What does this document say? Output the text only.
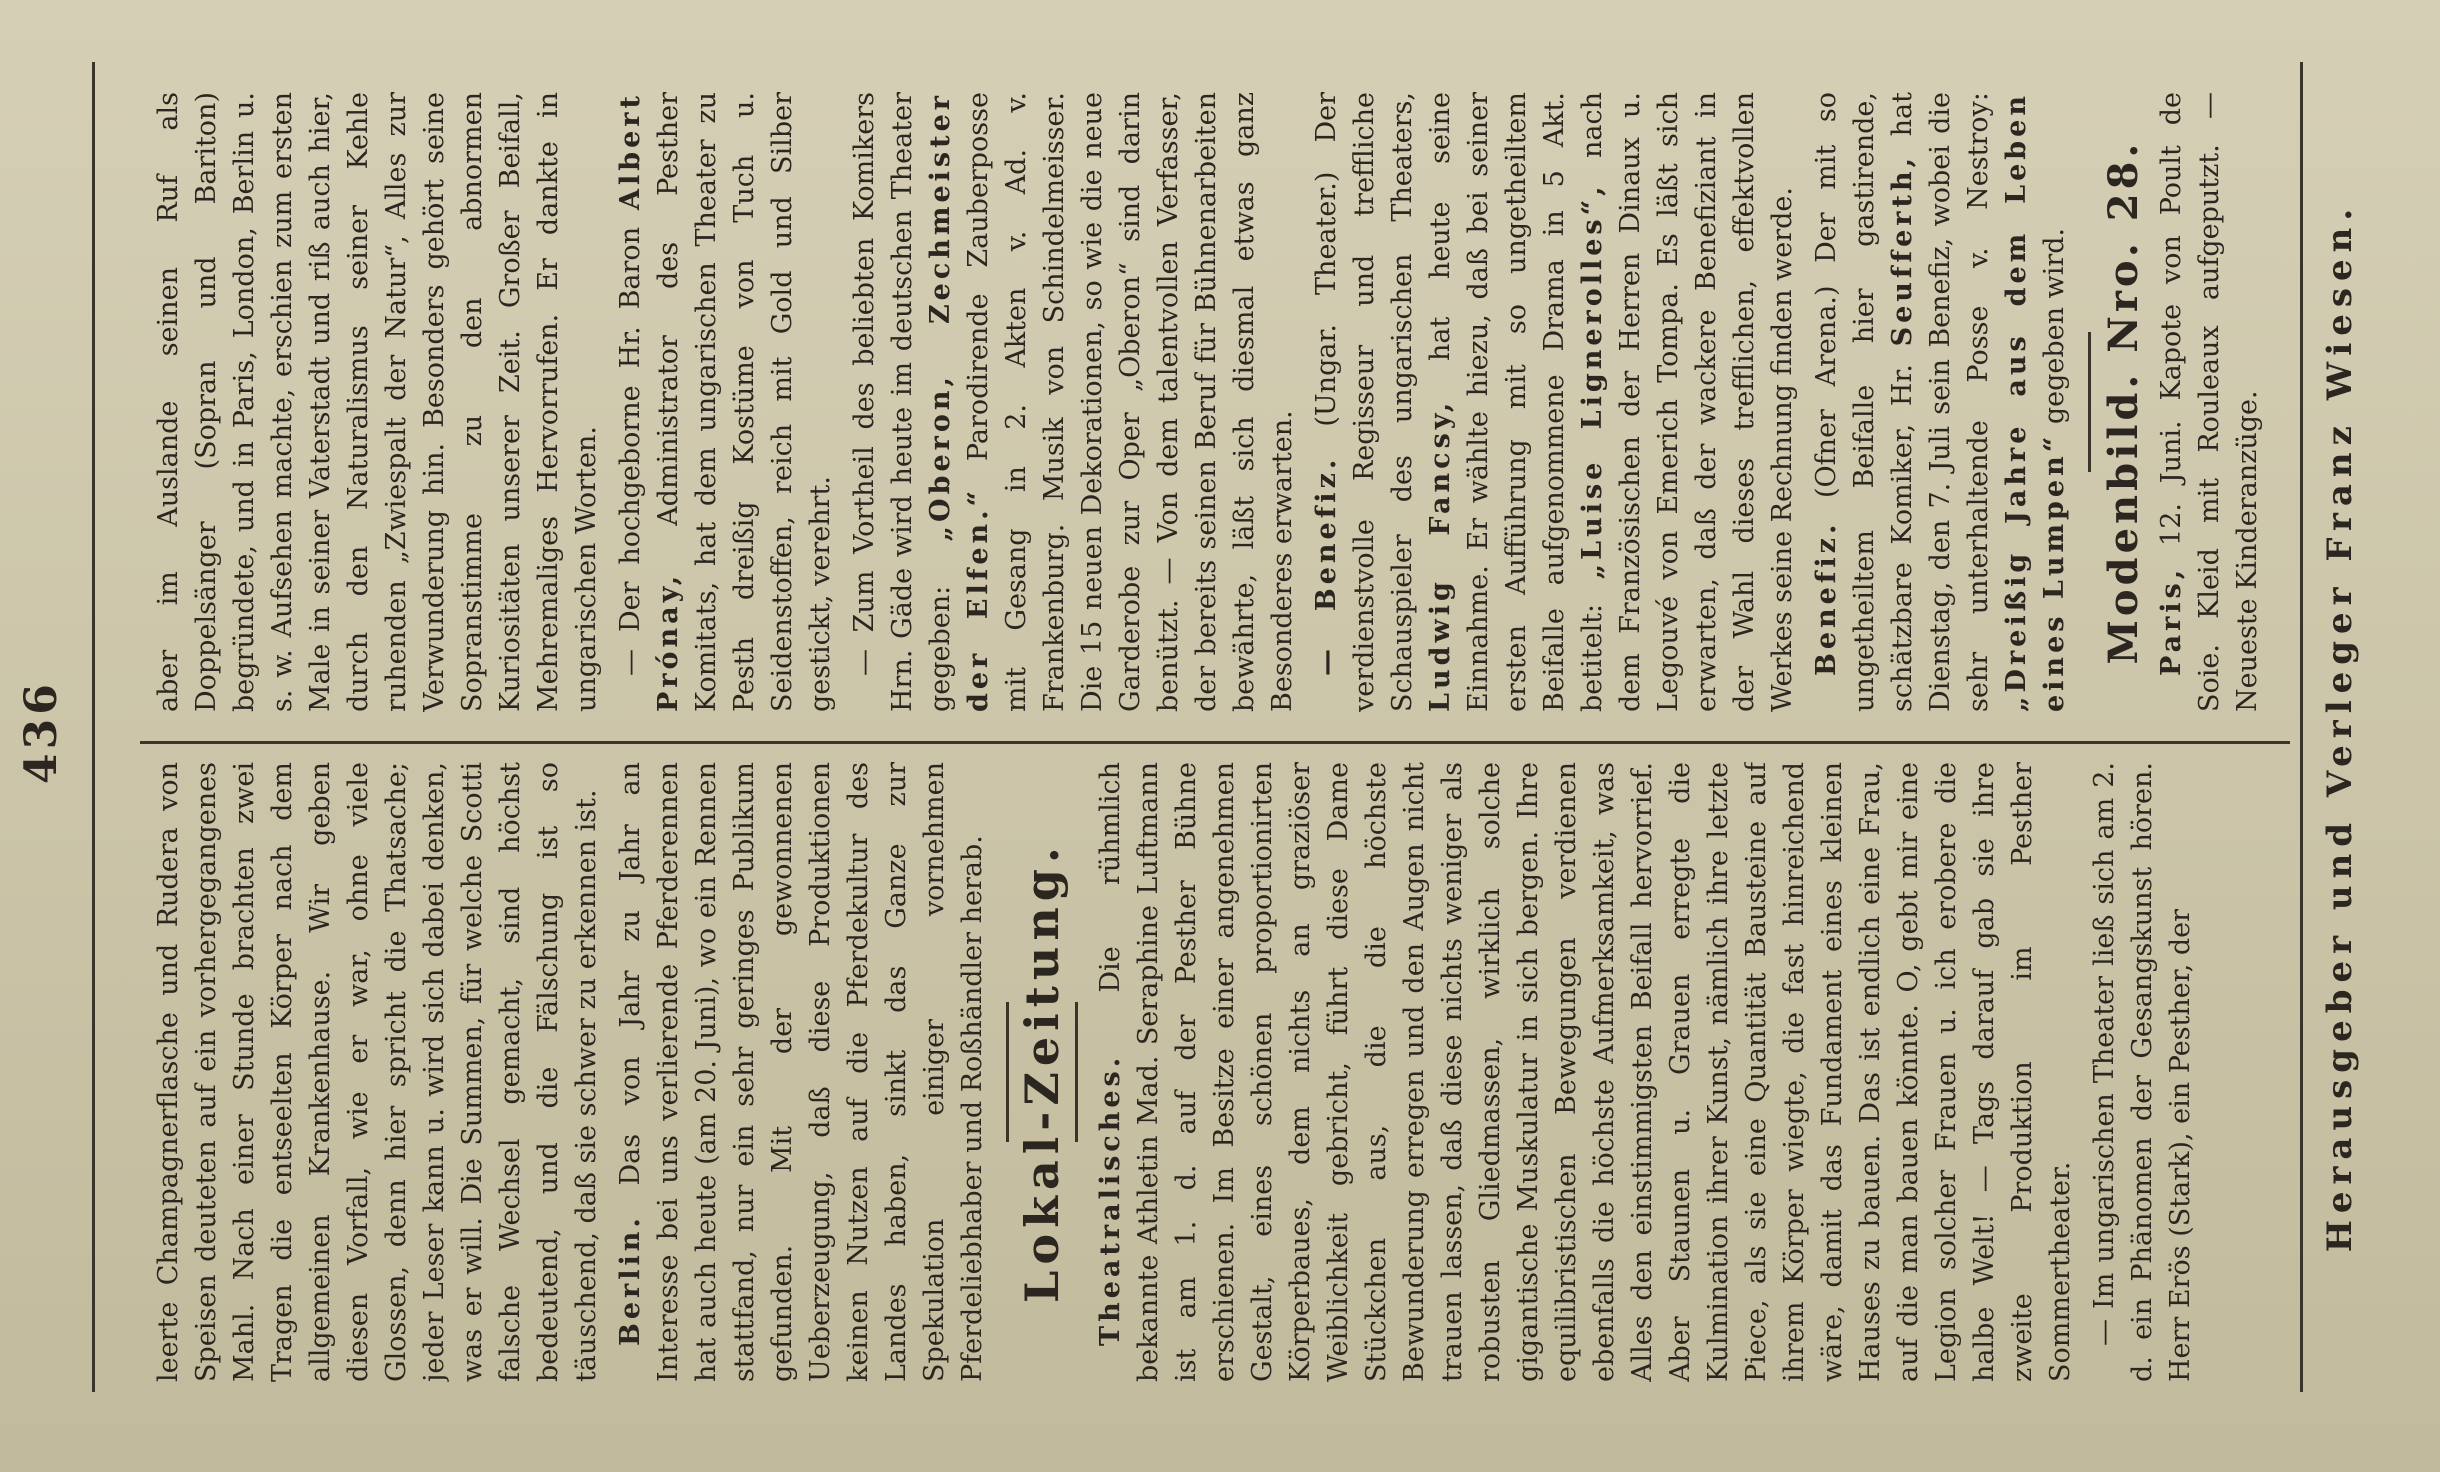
436

leerte Champagnerflasche und Rudera von Speisen deuteten auf ein vorhergegangenes Mahl. Nach einer Stunde brachten zwei Tragen die entseelten Körper nach dem allgemeinen Krankenhause. Wir geben diesen Vorfall, wie er war, ohne viele Glossen, denn hier spricht die Thatsache; jeder Leser kann u. wird sich dabei denken, was er will. Die Summen, für welche Scotti falsche Wechsel gemacht, sind höchst bedeutend, und die Fälschung ist so täuschend, daß sie schwer zu erkennen ist. Berlin. Das von Jahr zu Jahr an Interesse bei uns verlierende Pferderennen hat auch heute (am 20. Juni), wo ein Rennen stattfand, nur ein sehr geringes Publikum gefunden. Mit der gewonnenen Ueberzeugung, daß diese Produktionen keinen Nutzen auf die Pferdekultur des Landes haben, sinkt das Ganze zur Spekulation einiger vornehmen Pferdeliebhaber und Roßhändler herab. Lokal-Zeitung. Theatralisches. Die rühmlich bekannte Athletin Mad. Seraphine Luftmann ist am 1. d. auf der Pesther Bühne erschienen. Im Besitze einer angenehmen Gestalt, eines schönen proportionirten Körperbaues, dem nichts an graziöser Weiblichkeit gebricht, führt diese Dame Stückchen aus, die die höchste Bewunderung erregen und den Augen nicht trauen lassen, daß diese nichts weniger als robusten Gliedmassen, wirklich solche gigantische Muskulatur in sich bergen. Ihre equilibristischen Bewegungen verdienen ebenfalls die höchste Aufmerksamkeit, was Alles den einstimmigsten Beifall hervorrief. Aber Staunen u. Grauen erregte die Kulmination ihrer Kunst, nämlich ihre letzte Piece, als sie eine Quantität Bausteine auf ihrem Körper wiegte, die fast hinreichend wäre, damit das Fundament eines kleinen Hauses zu bauen. Das ist endlich eine Frau, auf die man bauen könnte. O, gebt mir eine Legion solcher Frauen u. ich erobere die halbe Welt! — Tags darauf gab sie ihre zweite Produktion im Pesther Sommertheater. — Im ungarischen Theater ließ sich am 2. d. ein Phänomen der Gesangskunst hören. Herr Erös (Stark), ein Pesther, der

aber im Auslande seinen Ruf als Doppelsänger (Sopran und Bariton) begründete, und in Paris, London, Berlin u. s. w. Aufsehen machte, erschien zum ersten Male in seiner Vaterstadt und riß auch hier, durch den Naturalismus seiner Kehle ruhenden „Zwiespalt der Natur“, Alles zur Verwunderung hin. Besonders gehört seine Sopranstimme zu den abnormen Kuriositäten unserer Zeit. Großer Beifall, Mehremaliges Hervorrufen. Er dankte in ungarischen Worten. — Der hochgeborne Hr. Baron Albert Prónay, Administrator des Pesther Komitats, hat dem ungarischen Theater zu Pesth dreißig Kostüme von Tuch u. Seidenstoffen, reich mit Gold und Silber gestickt, verehrt. — Zum Vortheil des beliebten Komikers Hrn. Gäde wird heute im deutschen Theater gegeben: „Oberon, Zechmeister der Elfen.“ Parodirende Zauberposse mit Gesang in 2. Akten v. Ad. v. Frankenburg. Musik von Schindelmeisser. Die 15 neuen Dekorationen, so wie die neue Garderobe zur Oper „Oberon“ sind darin benützt. — Von dem talentvollen Verfasser, der bereits seinen Beruf für Bühnenarbeiten bewährte, läßt sich diesmal etwas ganz Besonderes erwarten. — Benefiz. (Ungar. Theater.) Der verdienstvolle Regisseur und treffliche Schauspieler des ungarischen Theaters, Ludwig Fancsy, hat heute seine Einnahme. Er wählte hiezu, daß bei seiner ersten Aufführung mit so ungetheiltem Beifalle aufgenommene Drama in 5 Akt. betitelt: „Luise Lignerolles“, nach dem Französischen der Herren Dinaux u. Legouvé von Emerich Tompa. Es läßt sich erwarten, daß der wackere Benefiziant in der Wahl dieses trefflichen, effektvollen Werkes seine Rechnung finden werde. Benefiz. (Ofner Arena.) Der mit so ungetheiltem Beifalle hier gastirende, schätzbare Komiker, Hr. Seufferth, hat Dienstag, den 7. Juli sein Benefiz, wobei die sehr unterhaltende Posse v. Nestroy: „Dreißig Jahre aus dem Leben eines Lumpen“ gegeben wird. Modenbild. Nro. 28. Paris, 12. Juni. Kapote von Poult de Soie. Kleid mit Rouleaux aufgeputzt. — Neueste Kinderanzüge. Herausgeber und Verleger Franz Wiesen.
